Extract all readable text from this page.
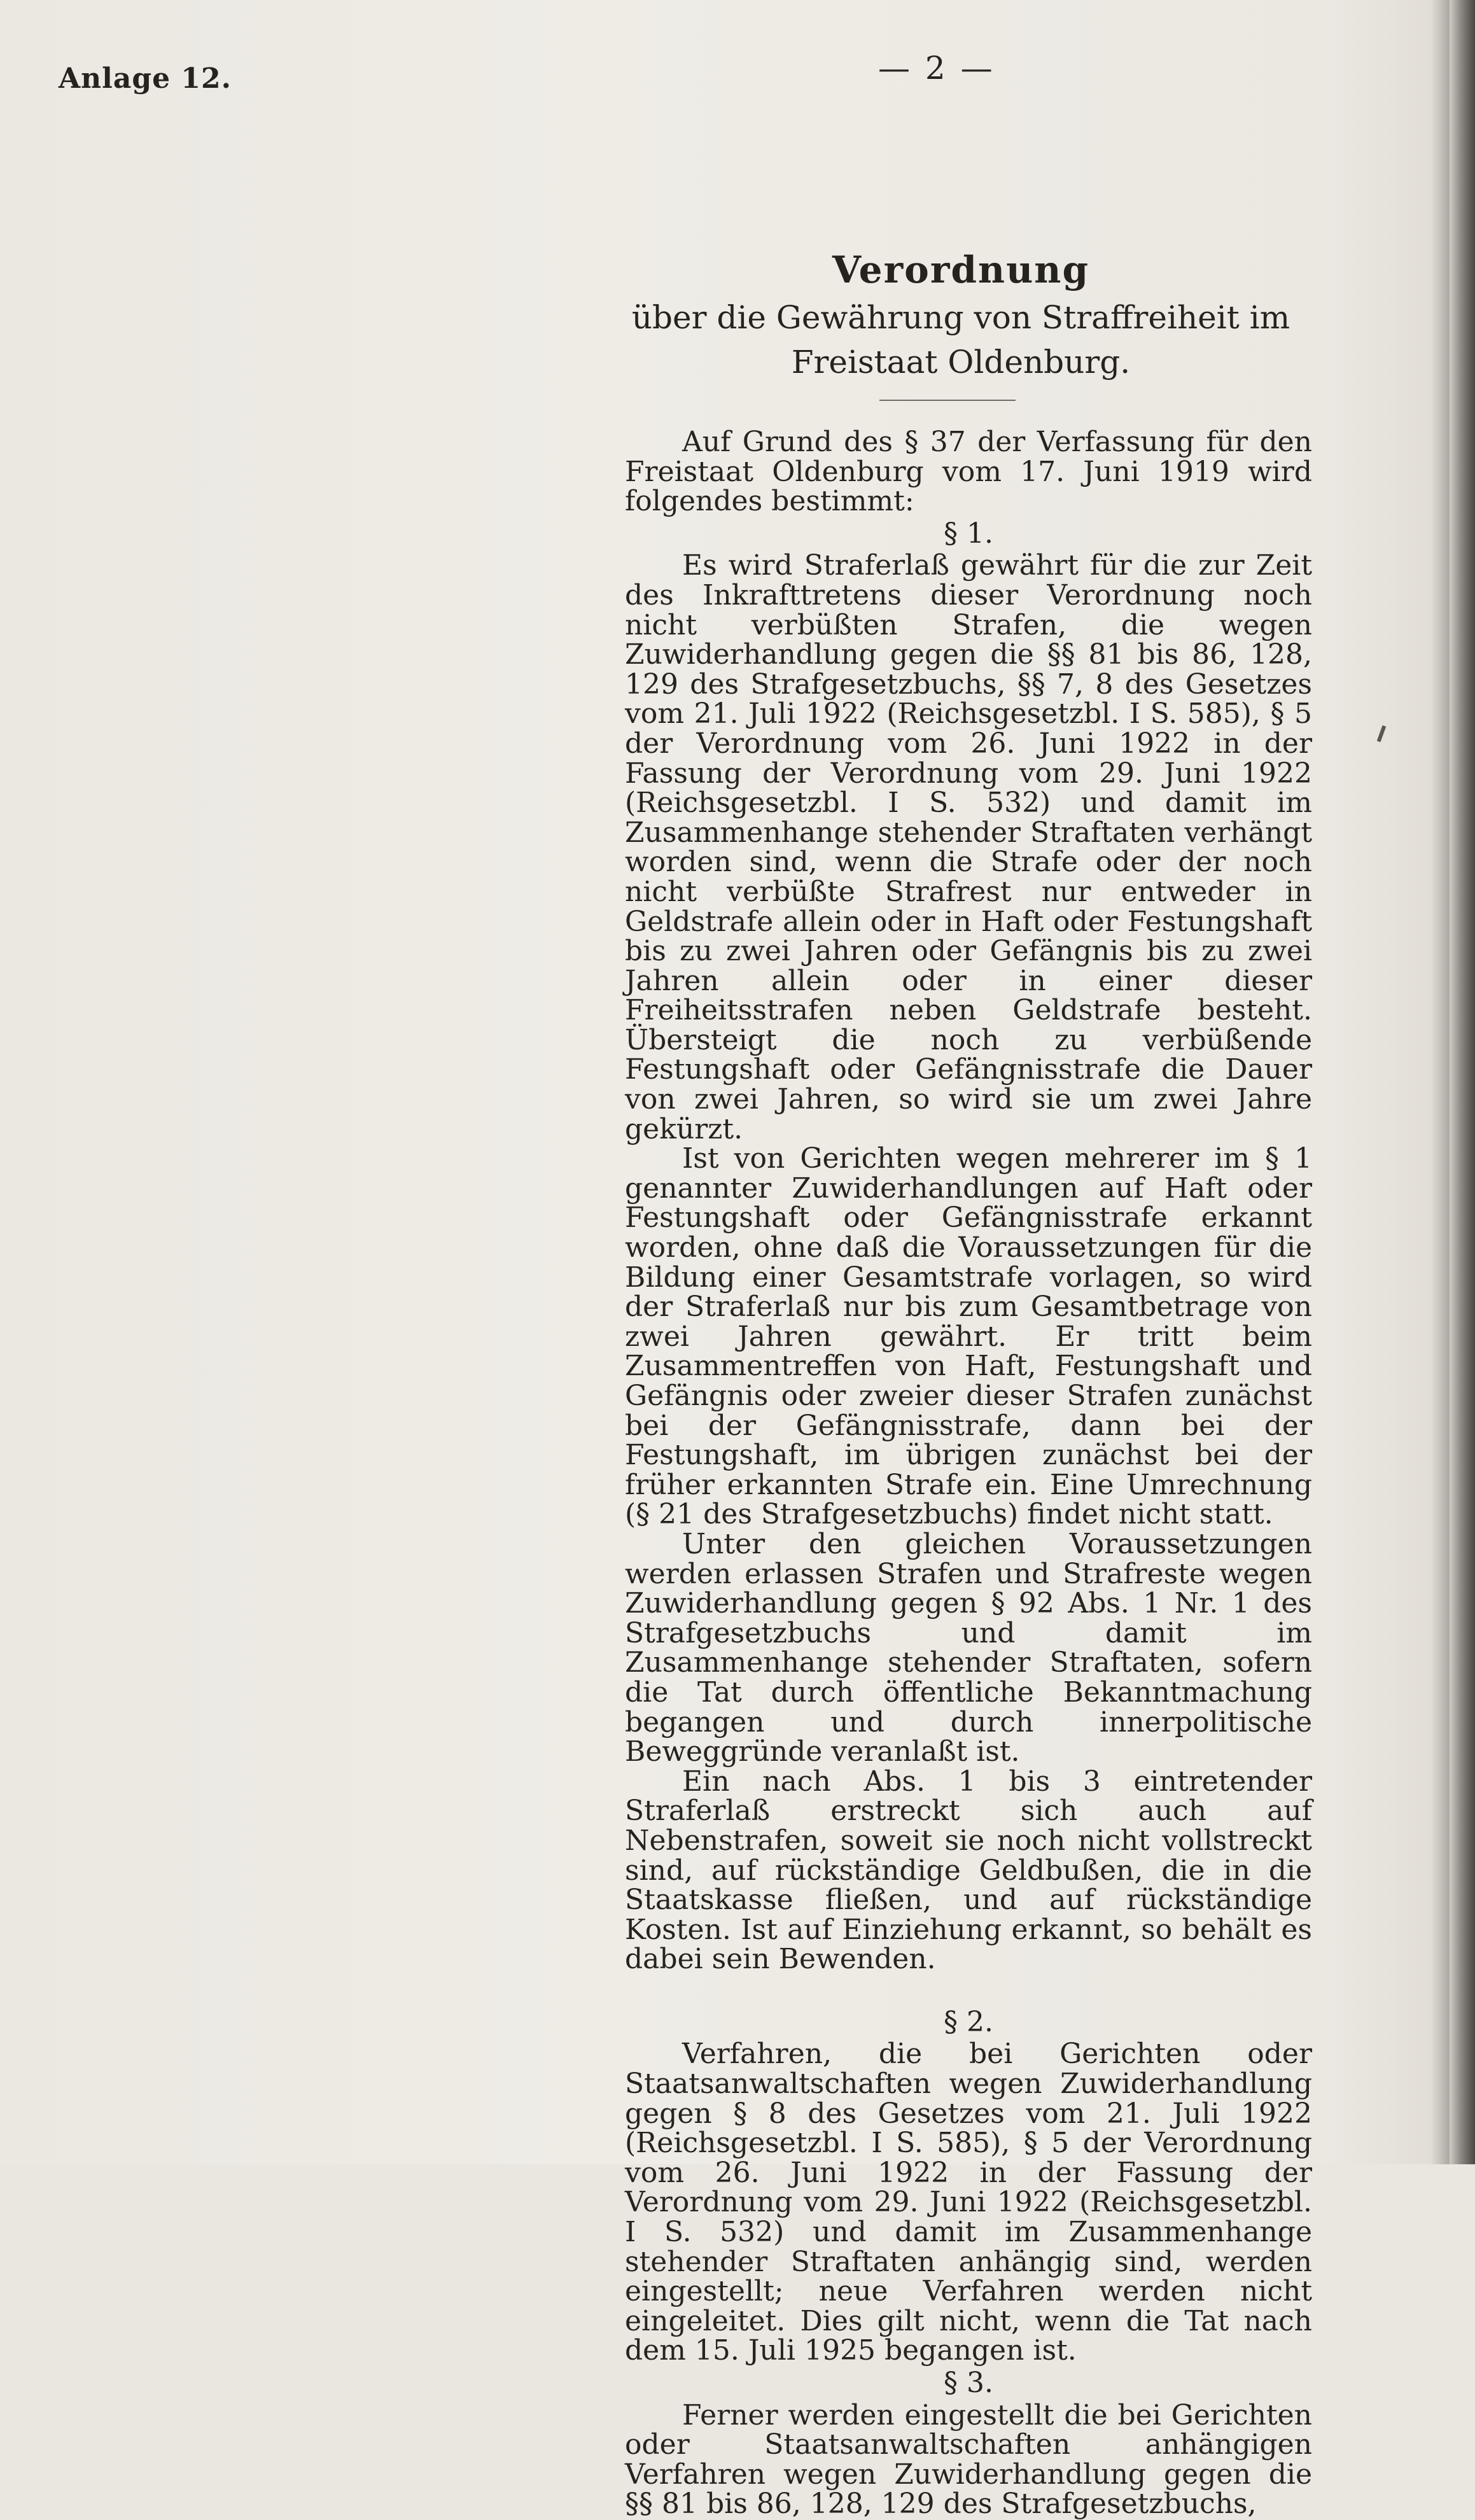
Anlage 12.	— 2 —
Verordnung
über die Gewährung von Straffreiheit im Freistaat Oldenburg.

Auf Grund des § 37 der Verfassung für den Freistaat Oldenburg vom 17. Juni 1919 wird folgendes bestimmt:

§ 1.

Es wird Straferlaß gewährt für die zur Zeit des Inkrafttretens dieser Verordnung noch nicht verbüßten Strafen, die wegen Zuwiderhandlung gegen die §§ 81 bis 86, 128, 129 des Strafgesetzbuchs, §§ 7, 8 des Gesetzes vom 21. Juli 1922 (Reichsgesetzbl. I S. 585), § 5 der Verordnung vom 26. Juni 1922 in der Fassung der Verordnung vom 29. Juni 1922 (Reichsgesetzbl. I S. 532) und damit im Zusammenhange stehender Straftaten verhängt worden sind, wenn die Strafe oder der noch nicht verbüßte Strafrest nur entweder in Geldstrafe allein oder in Haft oder Festungshaft bis zu zwei Jahren oder Gefängnis bis zu zwei Jahren allein oder in einer dieser Freiheitsstrafen neben Geldstrafe besteht. Übersteigt die noch zu verbüßende Festungshaft oder Gefängnisstrafe die Dauer von zwei Jahren, so wird sie um zwei Jahre gekürzt.

Ist von Gerichten wegen mehrerer im § 1 genannter Zuwiderhandlungen auf Haft oder Festungshaft oder Gefängnisstrafe erkannt worden, ohne daß die Voraussetzungen für die Bildung einer Gesamtstrafe vorlagen, so wird der Straferlaß nur bis zum Gesamtbetrage von zwei Jahren gewährt. Er tritt beim Zusammentreffen von Haft, Festungshaft und Gefängnis oder zweier dieser Strafen zunächst bei der Gefängnisstrafe, dann bei der Festungshaft, im übrigen zunächst bei der früher erkannten Strafe ein. Eine Umrechnung (§ 21 des Strafgesetzbuchs) findet nicht statt.

Unter den gleichen Voraussetzungen werden erlassen Strafen und Strafreste wegen Zuwiderhandlung gegen § 92 Abs. 1 Nr. 1 des Strafgesetzbuchs und damit im Zusammenhange stehender Straftaten, sofern die Tat durch öffentliche Bekanntmachung begangen und durch innerpolitische Beweggründe veranlaßt ist.

Ein nach Abs. 1 bis 3 eintretender Straferlaß erstreckt sich auch auf Nebenstrafen, soweit sie noch nicht vollstreckt sind, auf rückständige Geldbußen, die in die Staatskasse fließen, und auf rückständige Kosten. Ist auf Einziehung erkannt, so behält es dabei sein Bewenden.

§ 2.

Verfahren, die bei Gerichten oder Staatsanwaltschaften wegen Zuwiderhandlung gegen § 8 des Gesetzes vom 21. Juli 1922 (Reichsgesetzbl. I S. 585), § 5 der Verordnung vom 26. Juni 1922 in der Fassung der Verordnung vom 29. Juni 1922 (Reichsgesetzbl. I S. 532) und damit im Zusammenhange stehender Straftaten anhängig sind, werden eingestellt; neue Verfahren werden nicht eingeleitet. Dies gilt nicht, wenn die Tat nach dem 15. Juli 1925 begangen ist.

§ 3.

Ferner werden eingestellt die bei Gerichten oder Staatsanwaltschaften anhängigen Verfahren wegen Zuwiderhandlung gegen die §§ 81 bis 86, 128, 129 des Strafgesetzbuchs,
